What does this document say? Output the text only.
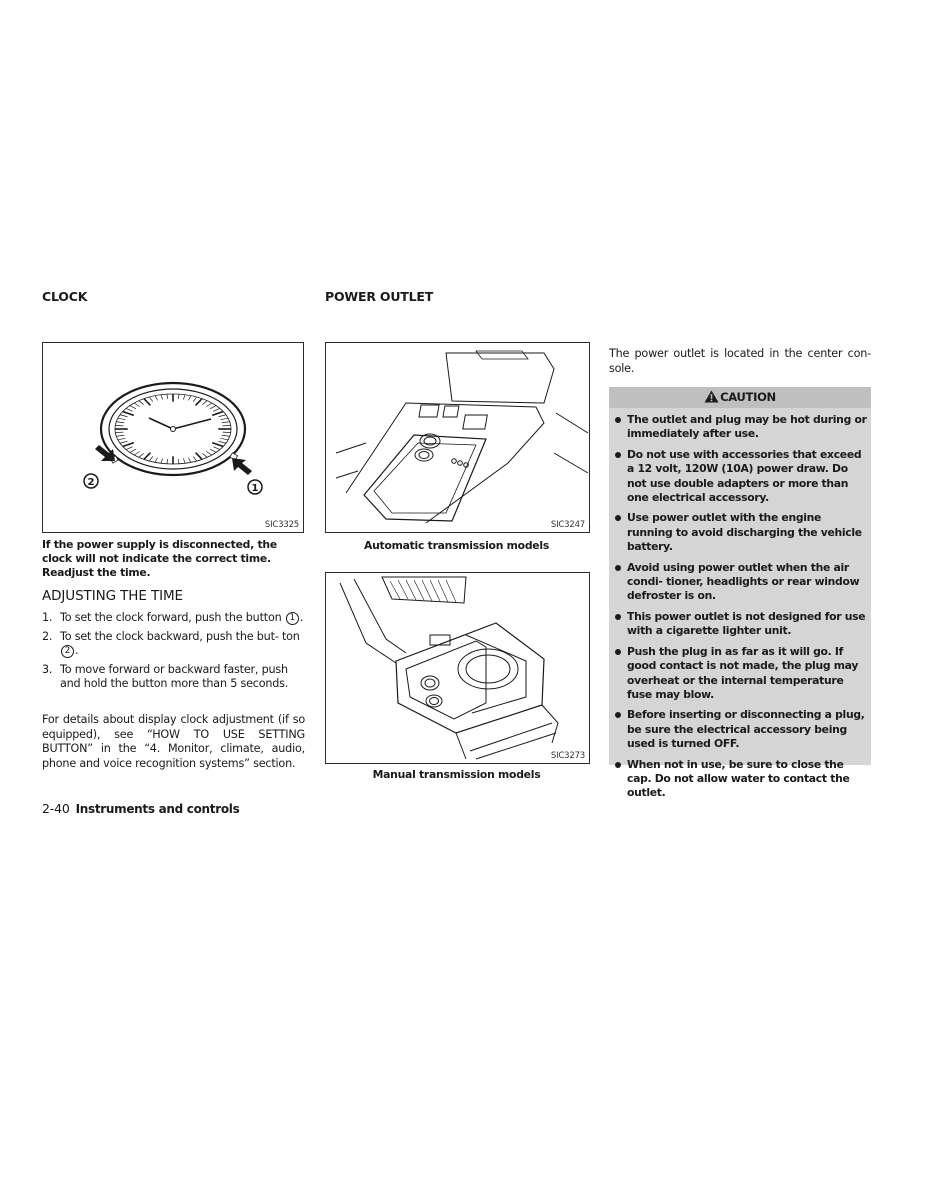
CLOCK
2
1
SIC3325
If the power supply is disconnected, the clock will not indicate the correct time. Readjust the time.
ADJUSTING THE TIME
1. To set the clock forward, push the button 1 .
2. To set the clock backward, push the but- ton 2 .
3. To move forward or backward faster, push and hold the button more than 5 seconds.
For details about display clock adjustment (if so equipped), see “HOW TO USE SETTING BUTTON” in the “4. Monitor, climate, audio, phone and voice recognition systems” section.
POWER OUTLET
SIC3247
Automatic transmission models
SIC3273
Manual transmission models
The power outlet is located in the center con- sole.
CAUTION
The outlet and plug may be hot during or immediately after use.
Do not use with accessories that exceed a 12 volt, 120W (10A) power draw. Do not use double adapters or more than one electrical accessory.
Use power outlet with the engine running to avoid discharging the vehicle battery.
Avoid using power outlet when the air condi- tioner, headlights or rear window defroster is on.
This power outlet is not designed for use with a cigarette lighter unit.
Push the plug in as far as it will go. If good contact is not made, the plug may overheat or the internal temperature fuse may blow.
Before inserting or disconnecting a plug, be sure the electrical accessory being used is turned OFF.
When not in use, be sure to close the cap. Do not allow water to contact the outlet.
2-40 Instruments and controls
